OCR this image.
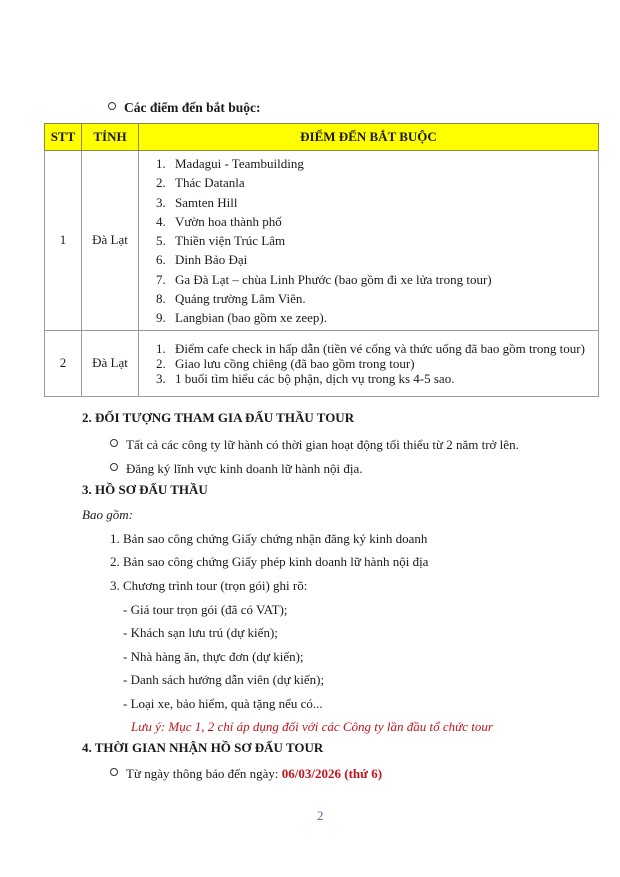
Các điểm đến bắt buộc:
STT	TỈNH	ĐIỂM ĐẾN BẮT BUỘC
1	Đà Lạt	
1. Madagui - Teambuilding
2. Thác Datanla
3. Samten Hill
4. Vườn hoa thành phố
5. Thiền viện Trúc Lâm
6. Dinh Bảo Đại
7. Ga Đà Lạt – chùa Linh Phước (bao gồm đi xe lửa trong tour)
8. Quảng trường Lâm Viên.
9. Langbian (bao gồm xe zeep).

2	Đà Lạt	
1. Điểm cafe check in hấp dẫn (tiền vé cổng và thức uống đã bao gồm trong tour)
2. Giao lưu cồng chiêng (đã bao gồm trong tour)
3. 1 buổi tìm hiểu các bộ phận, dịch vụ trong ks 4-5 sao.
2. ĐỐI TƯỢNG THAM GIA ĐẤU THẦU TOUR
Tất cả các công ty lữ hành có thời gian hoạt động tối thiểu từ 2 năm trở lên.
Đăng ký lĩnh vực kinh doanh lữ hành nội địa.
3. HỒ SƠ ĐẤU THẦU
Bao gồm:
1. Bản sao công chứng Giấy chứng nhận đăng ký kinh doanh
2. Bản sao công chứng Giấy phép kinh doanh lữ hành nội địa
3. Chương trình tour (trọn gói) ghi rõ:
- Giá tour trọn gói (đã có VAT);
- Khách sạn lưu trú (dự kiến);
- Nhà hàng ăn, thực đơn (dự kiến);
- Danh sách hướng dẫn viên (dự kiến);
- Loại xe, bảo hiểm, quà tặng nếu có...
Lưu ý: Mục 1, 2 chỉ áp dụng đối với các Công ty lần đầu tổ chức tour
4. THỜI GIAN NHẬN HỒ SƠ ĐẤU TOUR
Từ ngày thông báo đến ngày: 06/03/2026 (thứ 6)
2
